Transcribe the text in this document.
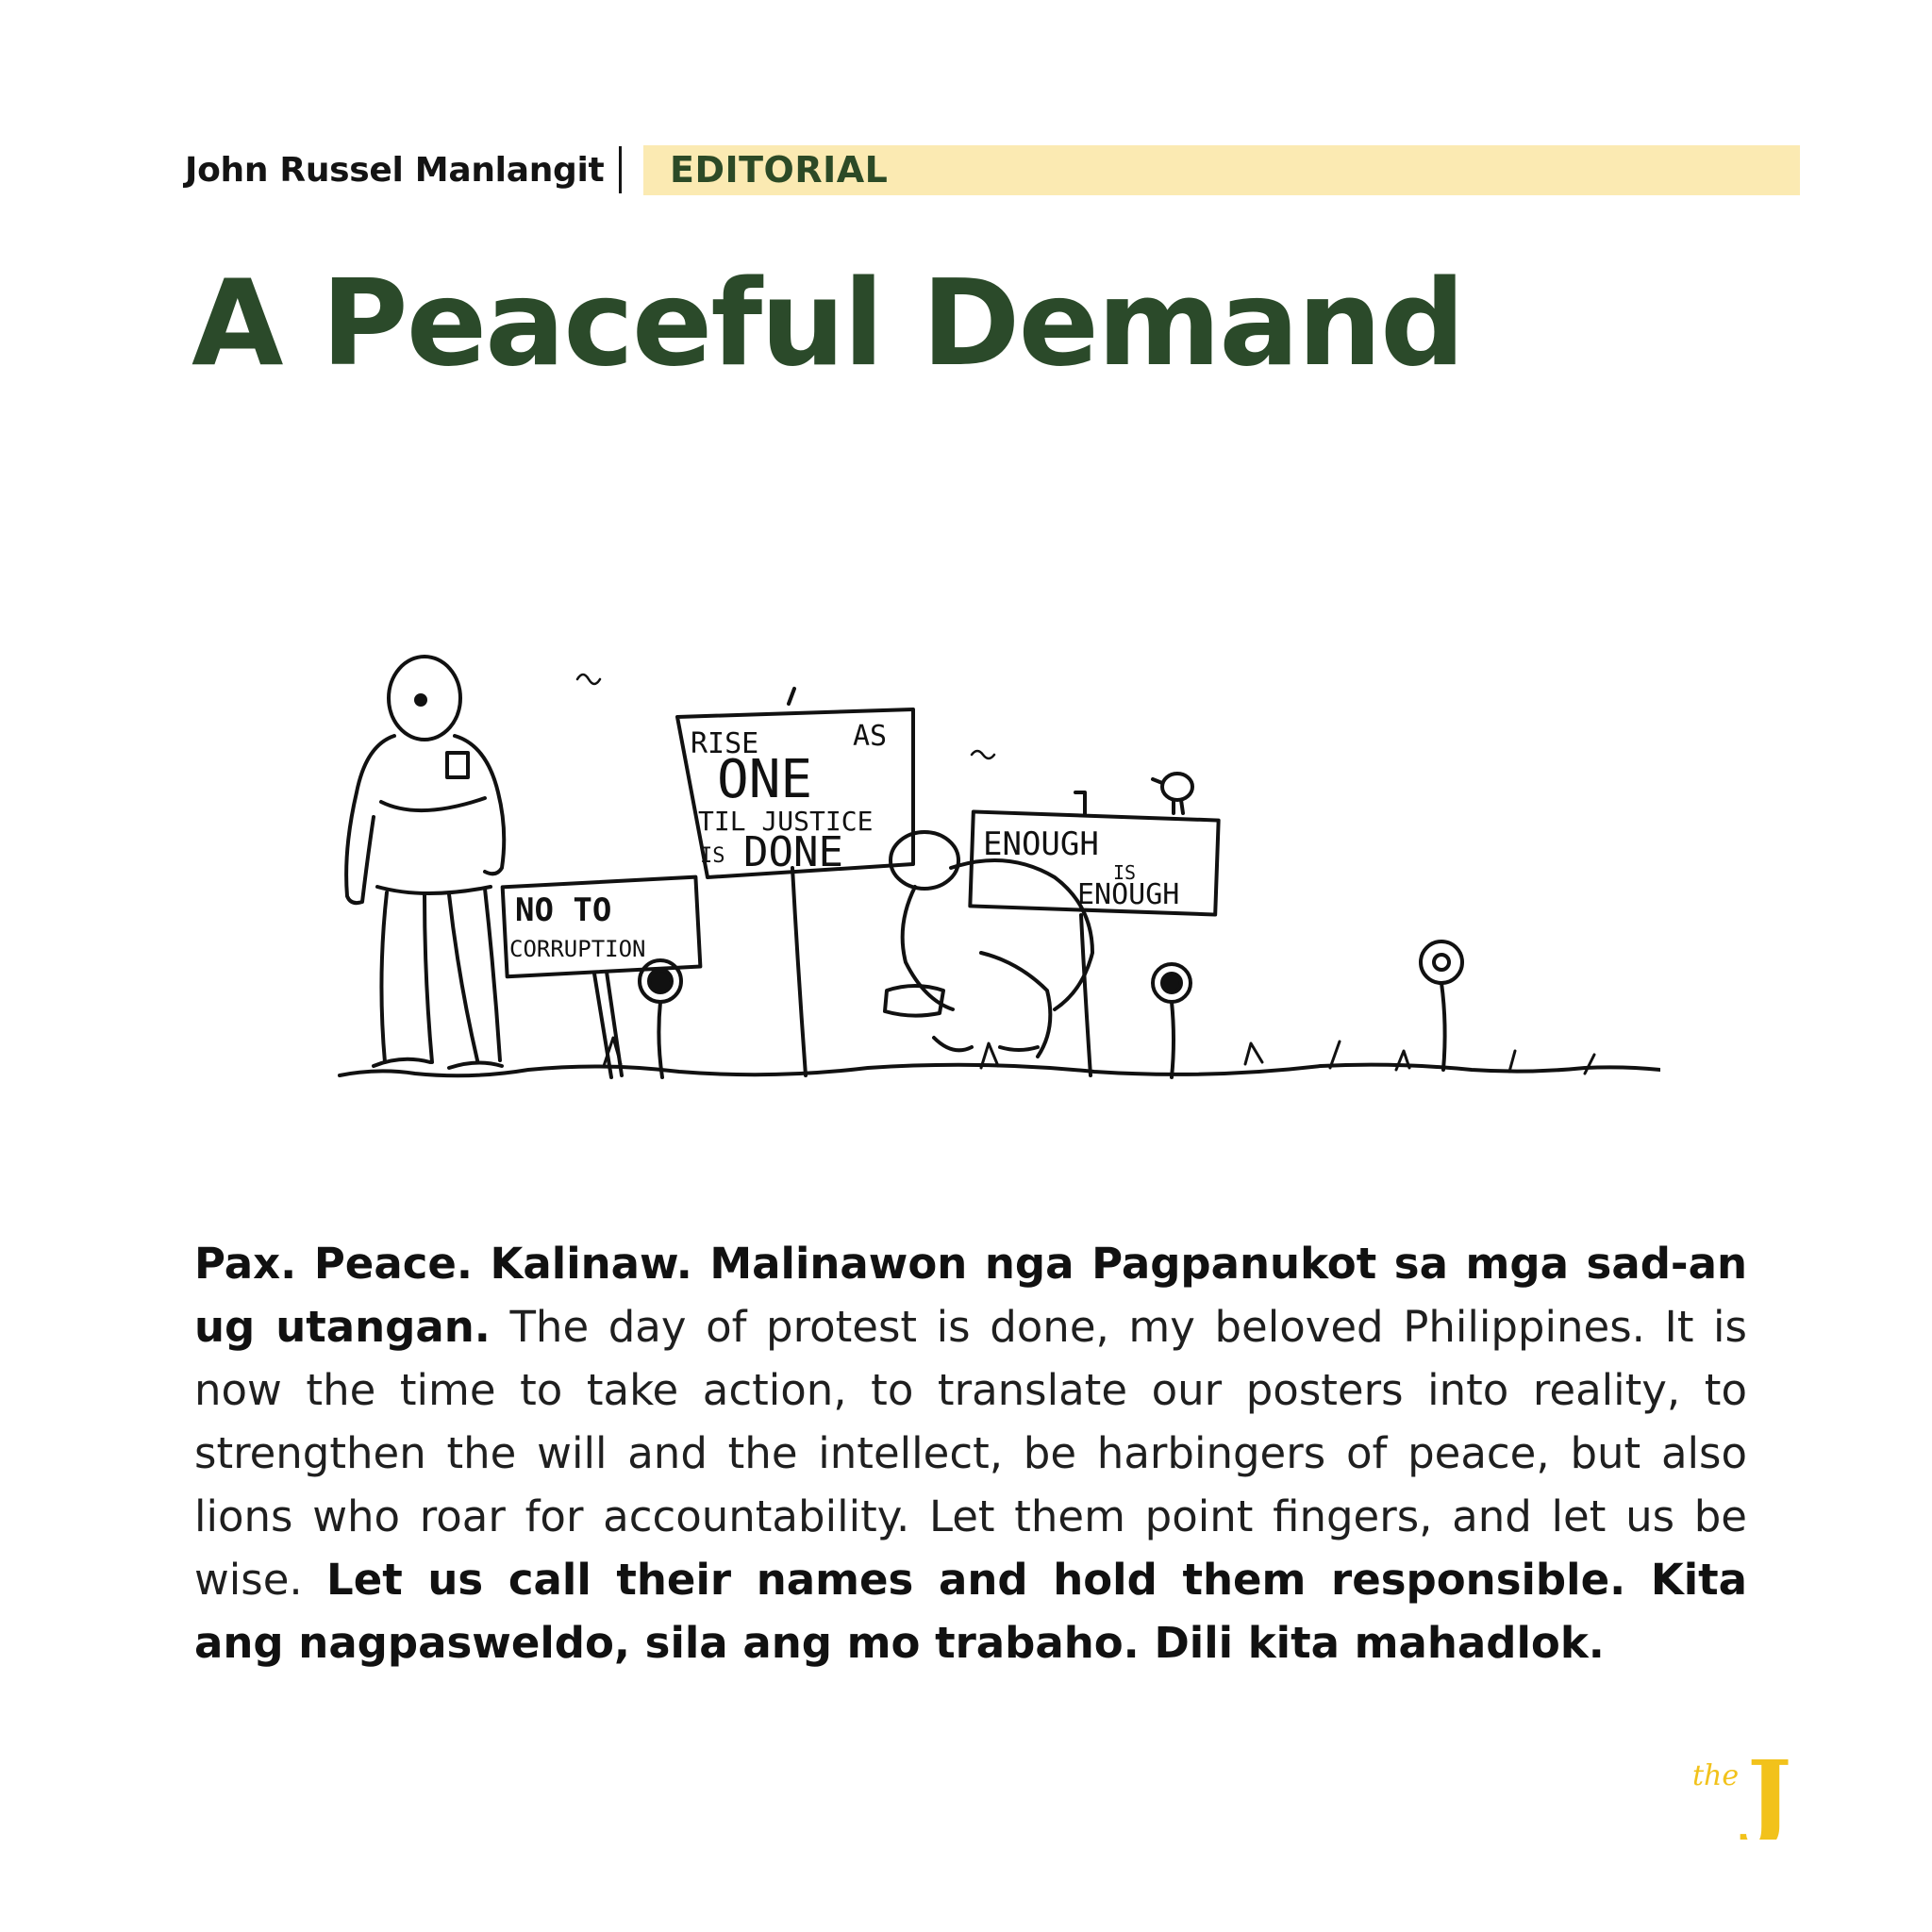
John Russel Manlangit EDITORIAL
A Peaceful Demand
NO TO
CORRUPTION
RISE	AS
ONE
TIL JUSTICE
IS DONE	ENOUGH
IS
ENOUGH

Pax. Peace. Kalinaw. Malinawon nga Pagpanukot sa mga sad-an ug utangan. The day of protest is done, my beloved Philippines. It is now the time to take action, to translate our posters into reality, to strengthen the will and the intellect, be harbingers of peace, but also lions who roar for accountability. Let them point fingers, and let us be wise. Let us call their names and hold them responsible. Kita ang nagpasweldo, sila ang mo trabaho. Dili kita mahadlok.

the J
